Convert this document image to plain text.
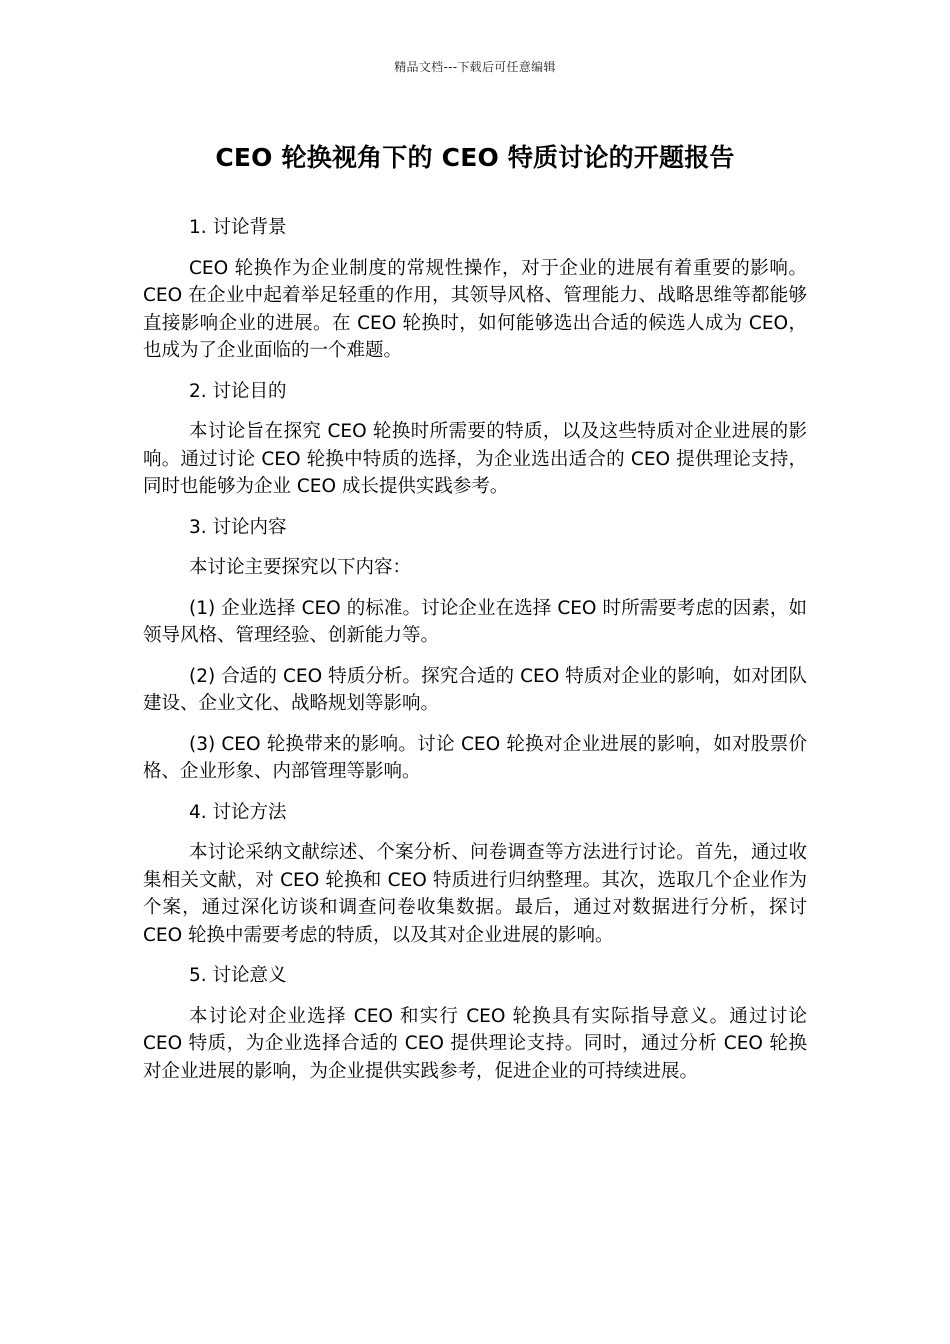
精品文档---下载后可任意编辑
CEO 轮换视角下的 CEO 特质讨论的开题报告

1. 讨论背景

CEO 轮换作为企业制度的常规性操作，对于企业的进展有着重要的影响。CEO 在企业中起着举足轻重的作用，其领导风格、管理能力、战略思维等都能够直接影响企业的进展。在 CEO 轮换时，如何能够选出合适的候选人成为 CEO，也成为了企业面临的一个难题。

2. 讨论目的

本讨论旨在探究 CEO 轮换时所需要的特质，以及这些特质对企业进展的影响。通过讨论 CEO 轮换中特质的选择，为企业选出适合的 CEO 提供理论支持，同时也能够为企业 CEO 成长提供实践参考。

3. 讨论内容

本讨论主要探究以下内容：

(1) 企业选择 CEO 的标准。讨论企业在选择 CEO 时所需要考虑的因素，如领导风格、管理经验、创新能力等。

(2) 合适的 CEO 特质分析。探究合适的 CEO 特质对企业的影响，如对团队建设、企业文化、战略规划等影响。

(3) CEO 轮换带来的影响。讨论 CEO 轮换对企业进展的影响，如对股票价格、企业形象、内部管理等影响。

4. 讨论方法

本讨论采纳文献综述、个案分析、问卷调查等方法进行讨论。首先，通过收集相关文献，对 CEO 轮换和 CEO 特质进行归纳整理。其次，选取几个企业作为个案，通过深化访谈和调查问卷收集数据。最后，通过对数据进行分析，探讨 CEO 轮换中需要考虑的特质，以及其对企业进展的影响。

5. 讨论意义

本讨论对企业选择 CEO 和实行 CEO 轮换具有实际指导意义。通过讨论 CEO 特质，为企业选择合适的 CEO 提供理论支持。同时，通过分析 CEO 轮换对企业进展的影响，为企业提供实践参考，促进企业的可持续进展。
